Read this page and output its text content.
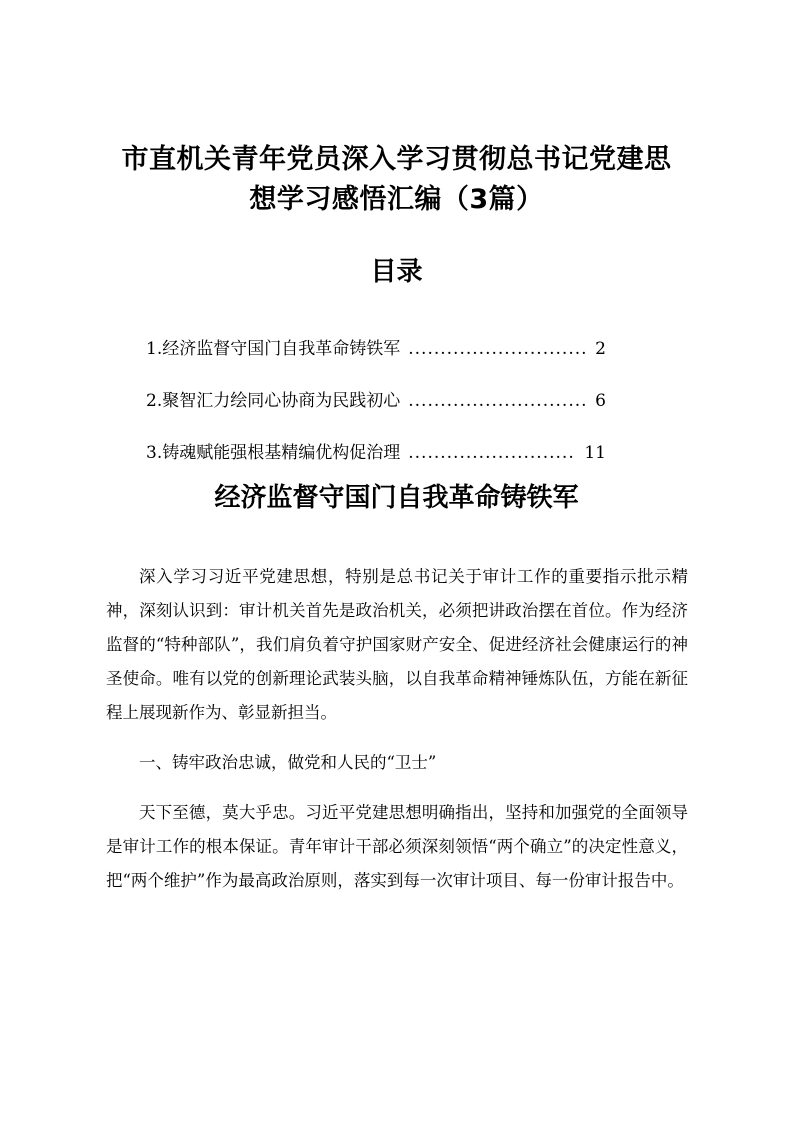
市直机关青年党员深入学习贯彻总书记党建思
想学习感悟汇编（3篇）
目录
1.经济监督守国门自我革命铸铁军 .....	2
2.聚智汇力绘同心协商为民践初心 .....	6
3.铸魂赋能强根基精编优构促治理 .....	11
经济监督守国门自我革命铸铁军

深入学习习近平党建思想，特别是总书记关于审计工作的重要指示批示精神，深刻认识到：审计机关首先是政治机关，必须把讲政治摆在首位。作为经济监督的“特种部队”，我们肩负着守护国家财产安全、促进经济社会健康运行的神圣使命。唯有以党的创新理论武装头脑，以自我革命精神锤炼队伍，方能在新征程上展现新作为、彰显新担当。

一、铸牢政治忠诚，做党和人民的“卫士”

天下至德，莫大乎忠。习近平党建思想明确指出，坚持和加强党的全面领导是审计工作的根本保证。青年审计干部必须深刻领悟“两个确立”的决定性意义，把“两个维护”作为最高政治原则，落实到每一次审计项目、每一份审计报告中。
